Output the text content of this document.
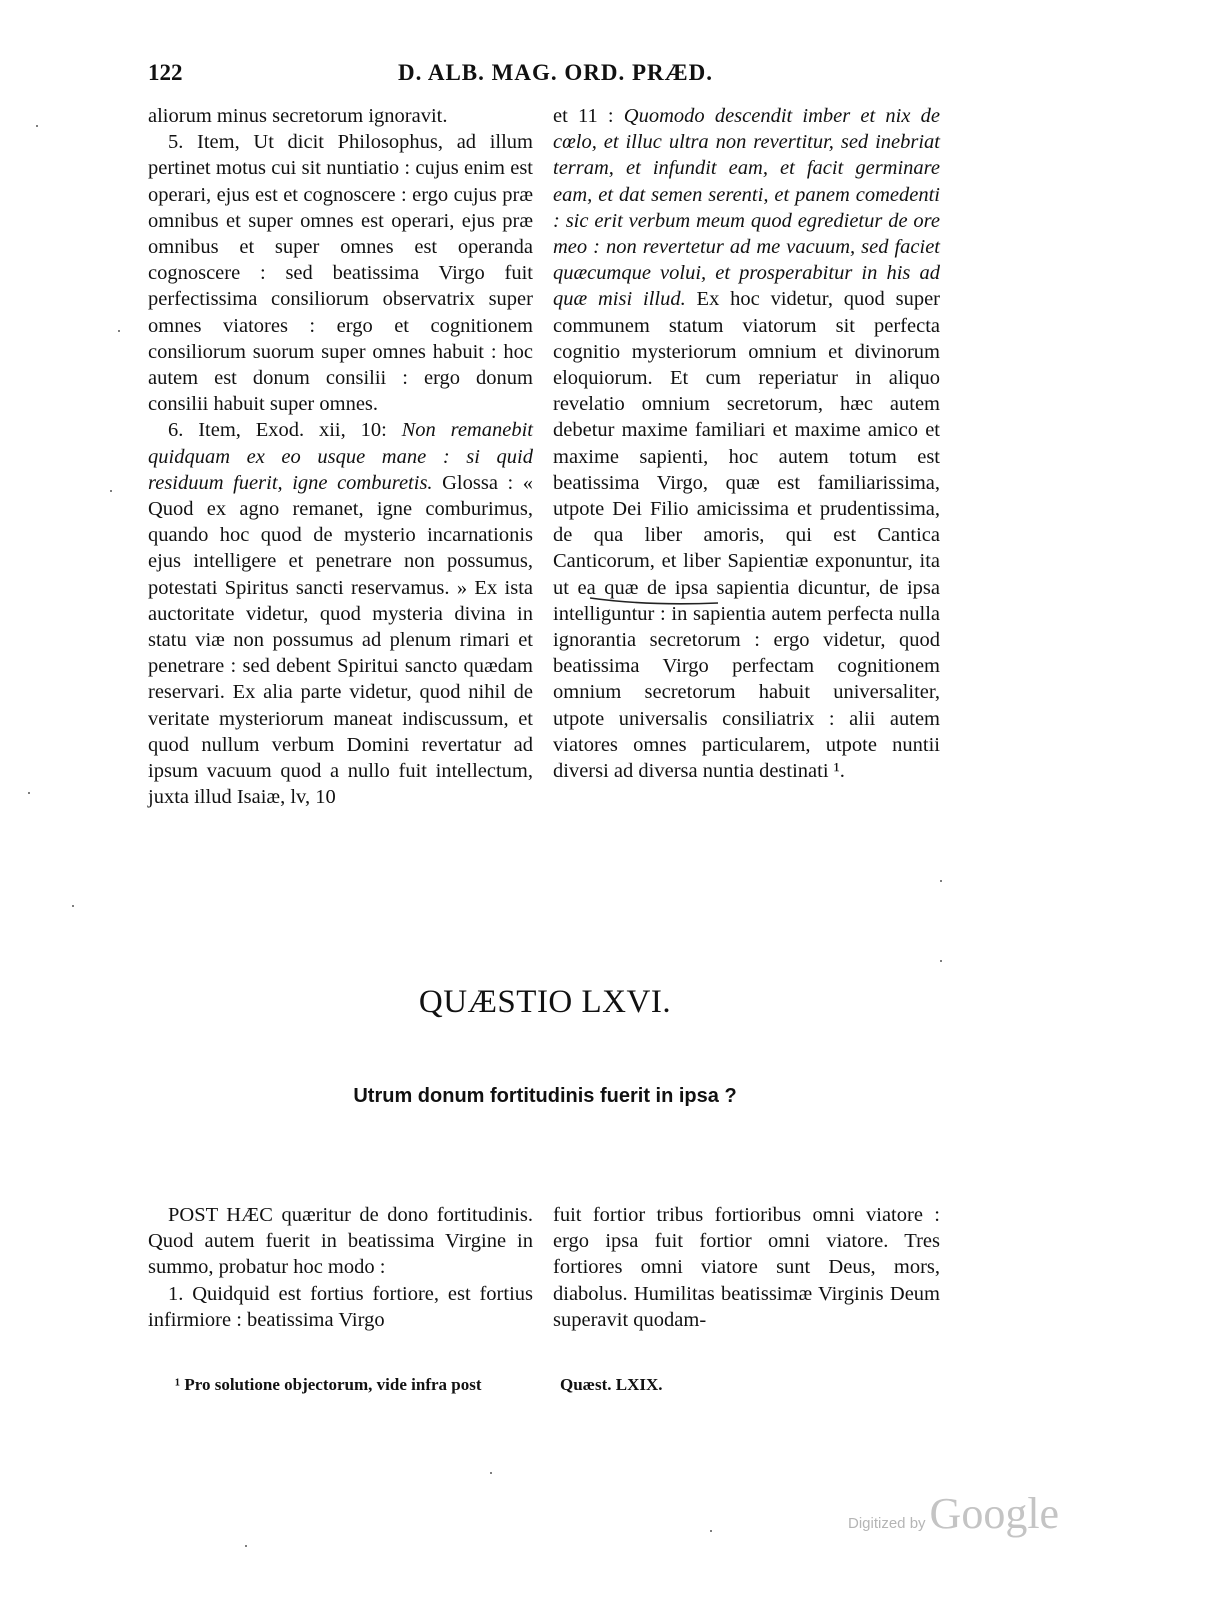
122	D. ALB. MAG. ORD. PRÆD.

aliorum minus secretorum ignoravit.

5. Item, Ut dicit Philosophus, ad illum pertinet motus cui sit nuntiatio : cujus enim est operari, ejus est et cognoscere : ergo cujus præ omnibus et super omnes est operari, ejus præ omnibus et super omnes est operanda cognoscere : sed beatissima Virgo fuit perfectissima consiliorum observatrix super omnes viatores : ergo et cognitionem consiliorum suorum super omnes habuit : hoc autem est donum consilii : ergo donum consilii habuit super omnes.

6. Item, Exod. xii, 10: Non remanebit quidquam ex eo usque mane : si quid residuum fuerit, igne comburetis. Glossa : « Quod ex agno remanet, igne comburimus, quando hoc quod de mysterio incarnationis ejus intelligere et penetrare non possumus, potestati Spiritus sancti reservamus. » Ex ista auctoritate videtur, quod mysteria divina in statu viæ non possumus ad plenum rimari et penetrare : sed debent Spiritui sancto quædam reservari. Ex alia parte videtur, quod nihil de veritate mysteriorum maneat indiscussum, et quod nullum verbum Domini revertatur ad ipsum vacuum quod a nullo fuit intellectum, juxta illud Isaiæ, lv, 10

et 11 : Quomodo descendit imber et nix de cœlo, et illuc ultra non revertitur, sed inebriat terram, et infundit eam, et facit germinare eam, et dat semen serenti, et panem comedenti : sic erit verbum meum quod egredietur de ore meo : non revertetur ad me vacuum, sed faciet quæcumque volui, et prosperabitur in his ad quæ misi illud. Ex hoc videtur, quod super communem statum viatorum sit perfecta cognitio mysteriorum omnium et divinorum eloquiorum. Et cum reperiatur in aliquo revelatio omnium secretorum, hæc autem debetur maxime familiari et maxime amico et maxime sapienti, hoc autem totum est beatissima Virgo, quæ est familiarissima, utpote Dei Filio amicissima et prudentissima, de qua liber amoris, qui est Cantica Canticorum, et liber Sapientiæ exponuntur, ita ut ea quæ de ipsa sapientia dicuntur, de ipsa intelliguntur : in sapientia autem perfecta nulla ignorantia secretorum : ergo videtur, quod beatissima Virgo perfectam cognitionem omnium secretorum habuit universaliter, utpote universalis consiliatrix : alii autem viatores omnes particularem, utpote nuntii diversi ad diversa nuntia destinati ¹.

QUÆSTIO LXVI.
Utrum donum fortitudinis fuerit in ipsa ?

POST HÆC quæritur de dono fortitudinis. Quod autem fuerit in beatissima Virgine in summo, probatur hoc modo :

1. Quidquid est fortius fortiore, est fortius infirmiore : beatissima Virgo

fuit fortior tribus fortioribus omni viatore : ergo ipsa fuit fortior omni viatore. Tres fortiores omni viatore sunt Deus, mors, diabolus. Humilitas beatissimæ Virginis Deum superavit quodam-

¹ Pro solutione objectorum, vide infra post	Quæst. LXIX.
Digitized by Google
